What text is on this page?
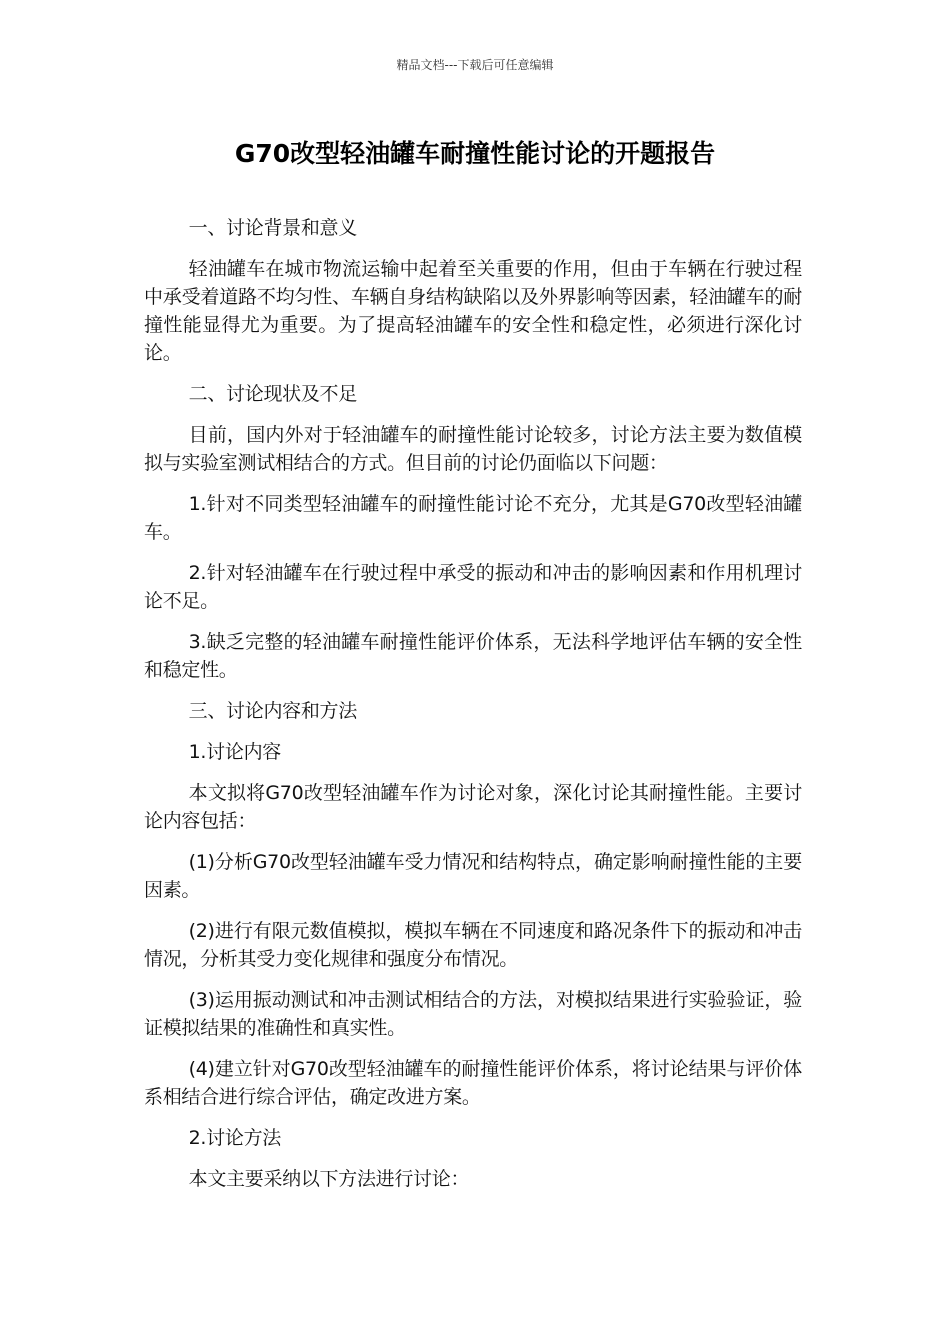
精品文档---下载后可任意编辑
G70改型轻油罐车耐撞性能讨论的开题报告

一、讨论背景和意义

轻油罐车在城市物流运输中起着至关重要的作用，但由于车辆在行驶过程中承受着道路不均匀性、车辆自身结构缺陷以及外界影响等因素，轻油罐车的耐撞性能显得尤为重要。为了提高轻油罐车的安全性和稳定性，必须进行深化讨论。

二、讨论现状及不足

目前，国内外对于轻油罐车的耐撞性能讨论较多，讨论方法主要为数值模拟与实验室测试相结合的方式。但目前的讨论仍面临以下问题：

1.针对不同类型轻油罐车的耐撞性能讨论不充分，尤其是G70改型轻油罐车。

2.针对轻油罐车在行驶过程中承受的振动和冲击的影响因素和作用机理讨论不足。

3.缺乏完整的轻油罐车耐撞性能评价体系，无法科学地评估车辆的安全性和稳定性。

三、讨论内容和方法

1.讨论内容

本文拟将G70改型轻油罐车作为讨论对象，深化讨论其耐撞性能。主要讨论内容包括：

(1)分析G70改型轻油罐车受力情况和结构特点，确定影响耐撞性能的主要因素。

(2)进行有限元数值模拟，模拟车辆在不同速度和路况条件下的振动和冲击情况，分析其受力变化规律和强度分布情况。

(3)运用振动测试和冲击测试相结合的方法，对模拟结果进行实验验证，验证模拟结果的准确性和真实性。

(4)建立针对G70改型轻油罐车的耐撞性能评价体系，将讨论结果与评价体系相结合进行综合评估，确定改进方案。

2.讨论方法

本文主要采纳以下方法进行讨论：
